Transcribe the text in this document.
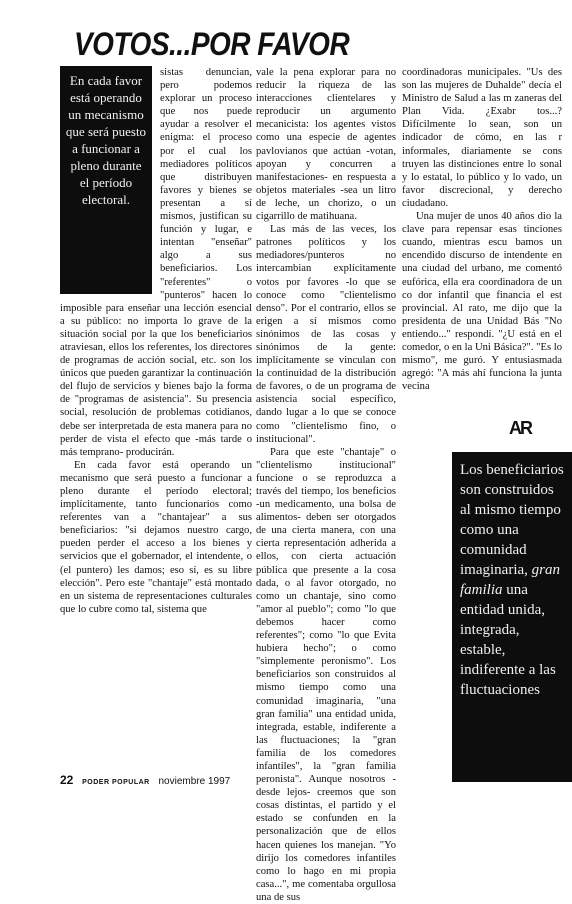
VOTOS...POR FAVOR
En cada favor está operando un mecanismo que será puesto a funcionar a pleno durante el período electoral.

sistas denuncian, pero podemos explorar un proceso que nos puede ayudar a resolver el enigma: el proceso por el cual los mediadores políticos que distribuyen favores y bienes se presentan a sí mismos, justifican su función y lugar, e intentan "enseñar" algo a sus beneficiarios. Los "referentes" o "punteros" hacen lo imposible para enseñar una lección esencial a su público: no importa lo grave de la situación social por la que los beneficiarios atraviesan, ellos los referentes, los directores de programas de acción social, etc. son los únicos que pueden garantizar la continuación del flujo de servicios y bienes bajo la forma de "programas de asistencia". Su presencia social, resolución de problemas cotidianos, debe ser interpretada de esta manera para no perder de vista el efecto que -más tarde o más temprano- producirán.

En cada favor está operando un mecanismo que será puesto a funcionar a pleno durante el período electoral; implícitamente, tanto funcionarios como referentes van a "chantajear" a sus beneficiarios: "si dejamos nuestro cargo, pueden perder el acceso a los bienes y servicios que el gobernador, el intendente, o (el puntero) les damos; eso sí, es su libre elección". Pero este "chantaje" está montado en un sistema de representaciones culturales que lo cubre como tal, sistema que

vale la pena explorar para no reducir la riqueza de las interacciones clientelares y reproducir un argumento mecanicista: los agentes vistos como una especie de agentes pavlovianos que actúan -votan, apoyan y concurren a manifestaciones- en respuesta a objetos materiales -sea un litro de leche, un chorizo, o un cigarrillo de matihuana.

Las más de las veces, los patrones políticos y los mediadores/punteros no intercambian explícitamente votos por favores -lo que se conoce como "clientelismo denso". Por el contrario, ellos se erigen a sí mismos como sinónimos de las cosas y sinónimos de la gente: implícitamente se vinculan con la continuidad de la distribución de favores, o de un programa de asistencia social específico, dando lugar a lo que se conoce como "clientelismo fino, o institucional".

Para que este "chantaje" o "clientelismo institucional" funcione o se reproduzca a través del tiempo, los beneficios -un medicamento, una bolsa de alimentos- deben ser otorgados de una cierta manera, con una cierta representación adherida a ellos, con cierta actuación pública que presente a la cosa dada, o al favor otorgado, no como un chantaje, sino como "amor al pueblo"; como "lo que debemos hacer como referentes"; como "lo que Evita hubiera hecho"; o como "simplemente peronismo". Los beneficiarios son construidos al mismo tiempo como una comunidad imaginaria, "una gran familia" una entidad unida, integrada, estable, indiferente a las fluctuaciones; la "gran familia de los comedores infantiles", la "gran familia peronista". Aunque nosotros -desde lejos- creemos que son cosas distintas, el partido y el estado se confunden en la personalización que de ellos hacen quienes los manejan. "Yo dirijo los comedores infantiles como lo hago en mi propia casa...", me comentaba orgullosa una de sus

coordinadoras municipales. "Us des son las mujeres de Duhalde" decía el Ministro de Salud a las m zaneras del Plan Vida. ¿Exabr tos...? Difícilmente lo sean, son un indicador de cómo, en las r informales, diariamente se cons truyen las distinciones entre lo sonal y lo estatal, lo público y lo vado, un favor discrecional, y derecho ciudadano.

Una mujer de unos 40 años dio la clave para repensar esas tinciones cuando, mientras escu bamos un encendido discurso de intendente en una ciudad del urbano, me comentó eufórica, ella era coordinadora de un co dor infantil que financia el est provincial. Al rato, me dijo que la presidenta de una Unidad Bás "No entiendo..." respondí. "¿U está en el comedor, o en la Uni Básica?". "Es lo mismo", me guró. Y entusiasmada agregó: "A más ahí funciona la junta vecina

AR
Los beneficiarios son construidos al mismo tiempo como una comunidad imaginaria, gran familia una entidad unida, integrada, estable, indiferente a las fluctuaciones
22 PODER POPULAR noviembre 1997
